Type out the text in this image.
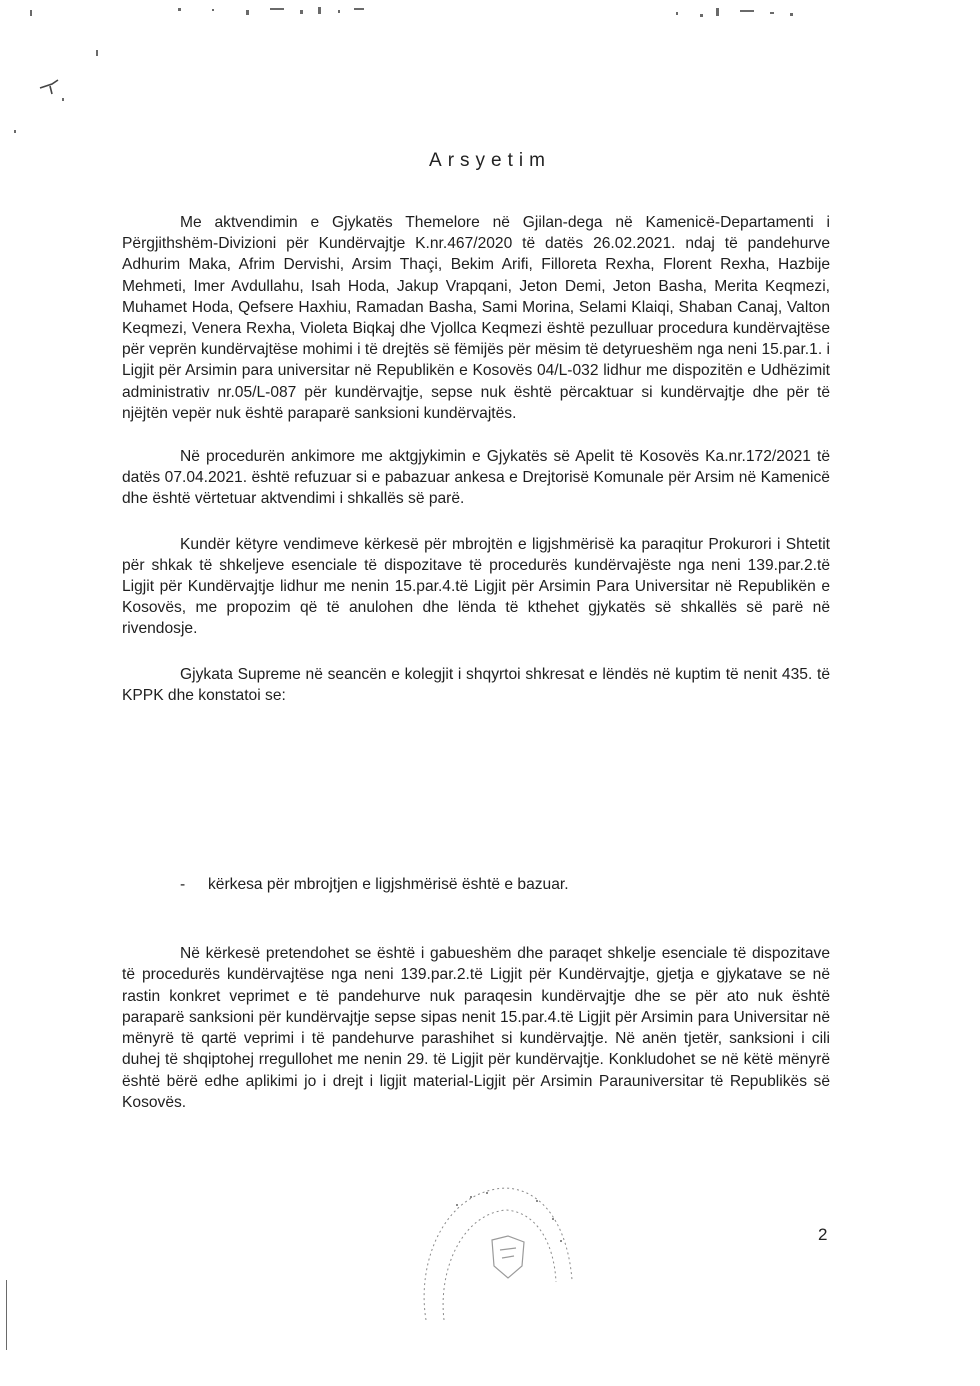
Arsyetim

Me aktvendimin e Gjykatës Themelore në Gjilan-dega në Kamenicë-Departamenti i Përgjithshëm-Divizioni për Kundërvajtje K.nr.467/2020 të datës 26.02.2021. ndaj të pandehurve Adhurim Maka, Afrim Dervishi, Arsim Thaçi, Bekim Arifi, Filloreta Rexha, Florent Rexha, Hazbije Mehmeti, Imer Avdullahu, Isah Hoda, Jakup Vrapqani, Jeton Demi, Jeton Basha, Merita Keqmezi, Muhamet Hoda, Qefsere Haxhiu, Ramadan Basha, Sami Morina, Selami Klaiqi, Shaban Canaj, Valton Keqmezi, Venera Rexha, Violeta Biqkaj dhe Vjollca Keqmezi është pezulluar procedura kundërvajtëse për veprën kundërvajtëse mohimi i të drejtës së fëmijës për mësim të detyrueshëm nga neni 15.par.1. i Ligjit për Arsimin para universitar në Republikën e Kosovës 04/L-032 lidhur me dispozitën e Udhëzimit administrativ nr.05/L-087 për kundërvajtje, sepse nuk është përcaktuar si kundërvajtje dhe për të njëjtën vepër nuk është paraparë sanksioni kundërvajtës.

Në procedurën ankimore me aktgjykimin e Gjykatës së Apelit të Kosovës Ka.nr.172/2021 të datës 07.04.2021. është refuzuar si e pabazuar ankesa e Drejtorisë Komunale për Arsim në Kamenicë dhe është vërtetuar aktvendimi i shkallës së parë.

Kundër këtyre vendimeve kërkesë për mbrojtën e ligjshmërisë ka paraqitur Prokurori i Shtetit për shkak të shkeljeve esenciale të dispozitave të procedurës kundërvajëste nga neni 139.par.2.të Ligjit për Kundërvajtje lidhur me nenin 15.par.4.të Ligjit për Arsimin Para Universitar në Republikën e Kosovës, me propozim që të anulohen dhe lënda të kthehet gjykatës së shkallës së parë në rivendosje.

Gjykata Supreme në seancën e kolegjit i shqyrtoi shkresat e lëndës në kuptim të nenit 435. të KPPK dhe konstatoi se:

- kërkesa për mbrojtjen e ligjshmërisë është e bazuar.

Në kërkesë pretendohet se është i gabueshëm dhe paraqet shkelje esenciale të dispozitave të procedurës kundërvajtëse nga neni 139.par.2.të Ligjit për Kundërvajtje, gjetja e gjykatave se në rastin konkret veprimet e të pandehurve nuk paraqesin kundërvajtje dhe se për ato nuk është paraparë sanksioni për kundërvajtje sepse sipas nenit 15.par.4.të Ligjit për Arsimin para Universitar në mënyrë të qartë veprimi i të pandehurve parashihet si kundërvajtje. Në anën tjetër, sanksioni i cili duhej të shqiptohej rregullohet me nenin 29. të Ligjit për kundërvajtje. Konkludohet se në këtë mënyrë është bërë edhe aplikimi jo i drejt i ligjit material-Ligjit për Arsimin Parauniversitar të Republikës së Kosovës.

2
